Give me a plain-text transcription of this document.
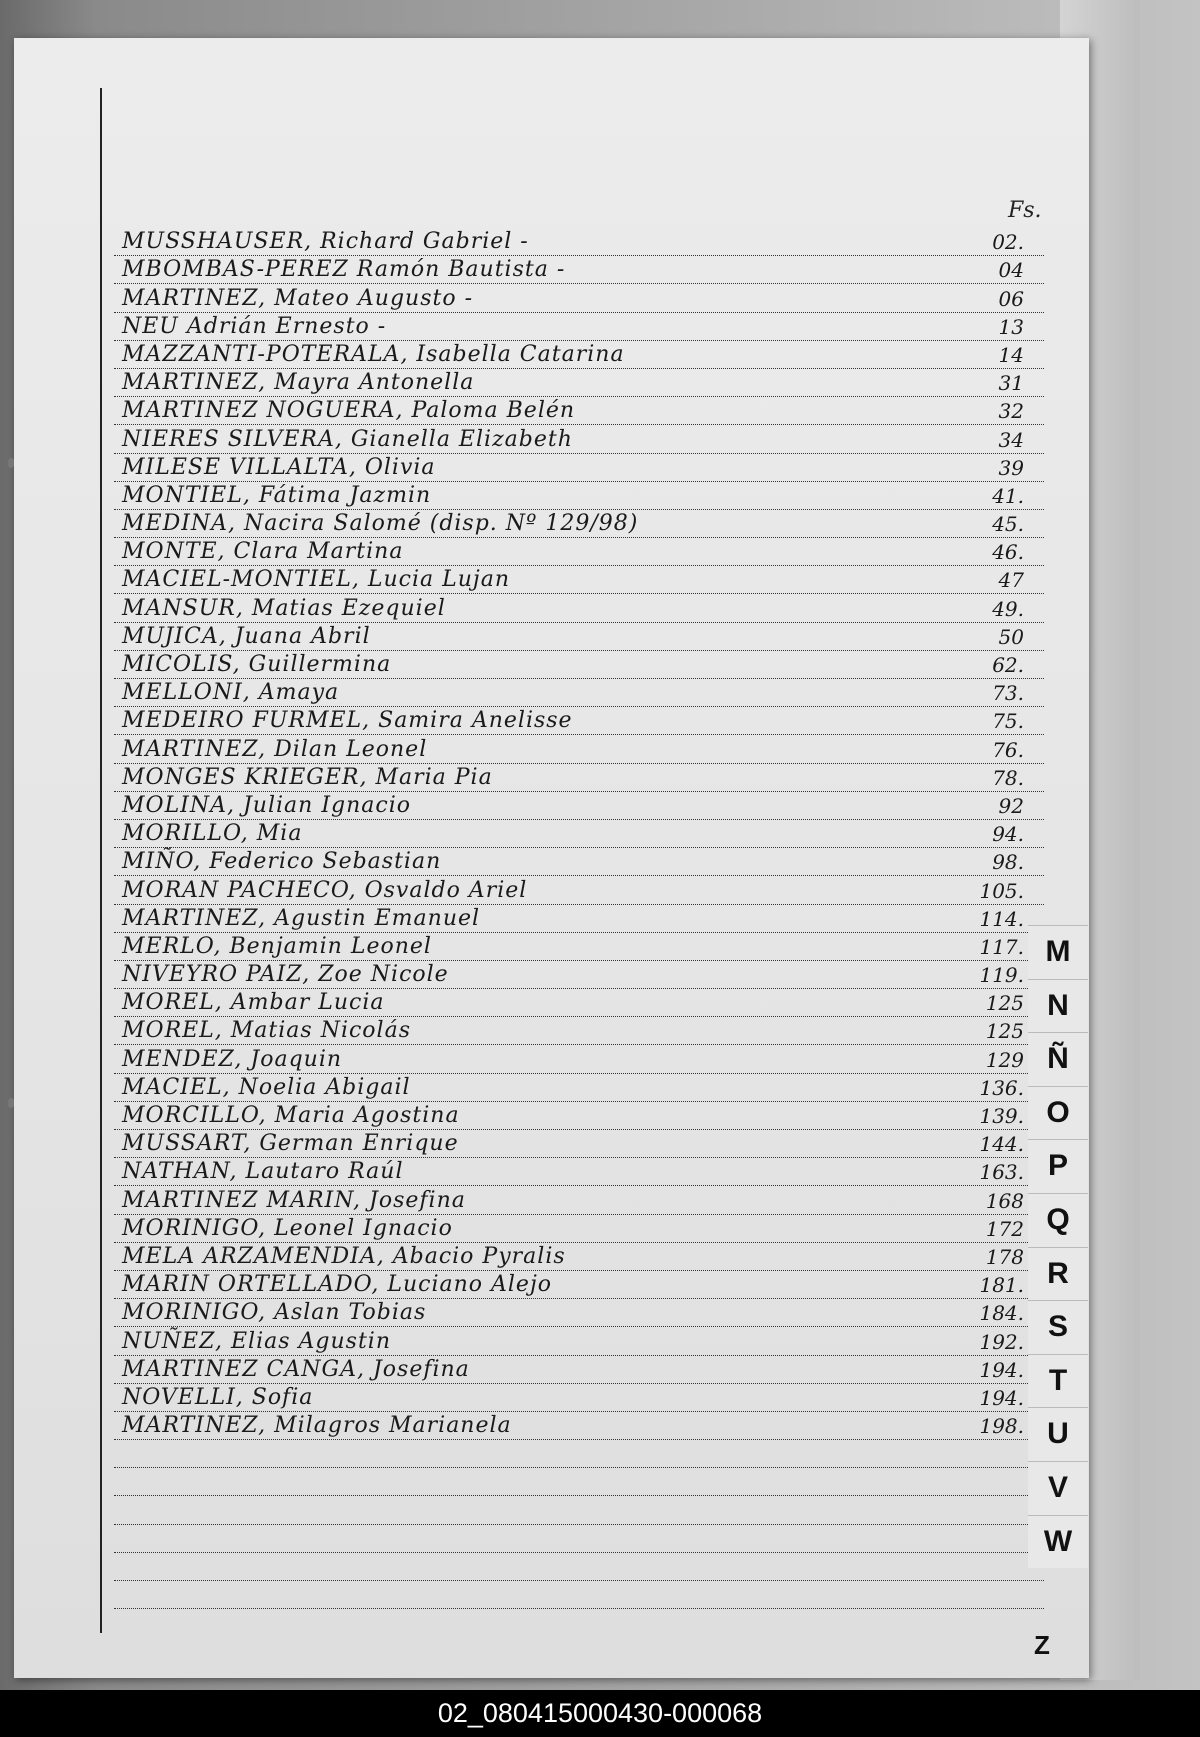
Fs.
MUSSHAUSER, Richard Gabriel -	02.
MBOMBAS-PEREZ Ramón Bautista -	04
MARTINEZ, Mateo Augusto -	06
NEU Adrián Ernesto -	13
MAZZANTI-POTERALA, Isabella Catarina	14
MARTINEZ, Mayra Antonella	31
MARTINEZ NOGUERA, Paloma Belén	32
NIERES SILVERA, Gianella Elizabeth	34
MILESE VILLALTA, Olivia	39
MONTIEL, Fátima Jazmin	41.
MEDINA, Nacira Salomé (disp. Nº 129/98)	45.
MONTE, Clara Martina	46.
MACIEL-MONTIEL, Lucia Lujan	47
MANSUR, Matias Ezequiel	49.
MUJICA, Juana Abril	50
MICOLIS, Guillermina	62.
MELLONI, Amaya	73.
MEDEIRO FURMEL, Samira Anelisse	75.
MARTINEZ, Dilan Leonel	76.
MONGES KRIEGER, Maria Pia	78.
MOLINA, Julian Ignacio	92
MORILLO, Mia	94.
MIÑO, Federico Sebastian	98.
MORAN PACHECO, Osvaldo Ariel	105.
MARTINEZ, Agustin Emanuel	114.
MERLO, Benjamin Leonel	117.
NIVEYRO PAIZ, Zoe Nicole	119.
MOREL, Ambar Lucia	125
MOREL, Matias Nicolás	125
MENDEZ, Joaquin	129
MACIEL, Noelia Abigail	136.
MORCILLO, Maria Agostina	139.
MUSSART, German Enrique	144.
NATHAN, Lautaro Raúl	163.
MARTINEZ MARIN, Josefina	168
MORINIGO, Leonel Ignacio	172
MELA ARZAMENDIA, Abacio Pyralis	178
MARIN ORTELLADO, Luciano Alejo	181.
MORINIGO, Aslan Tobias	184.
NUÑEZ, Elias Agustin	192.
MARTINEZ CANGA, Josefina	194.
NOVELLI, Sofia	194.
MARTINEZ, Milagros Marianela	198.
M
N
Ñ
O
P
Q
R
S
T
U
V
W
Z
02_080415000430-000068
